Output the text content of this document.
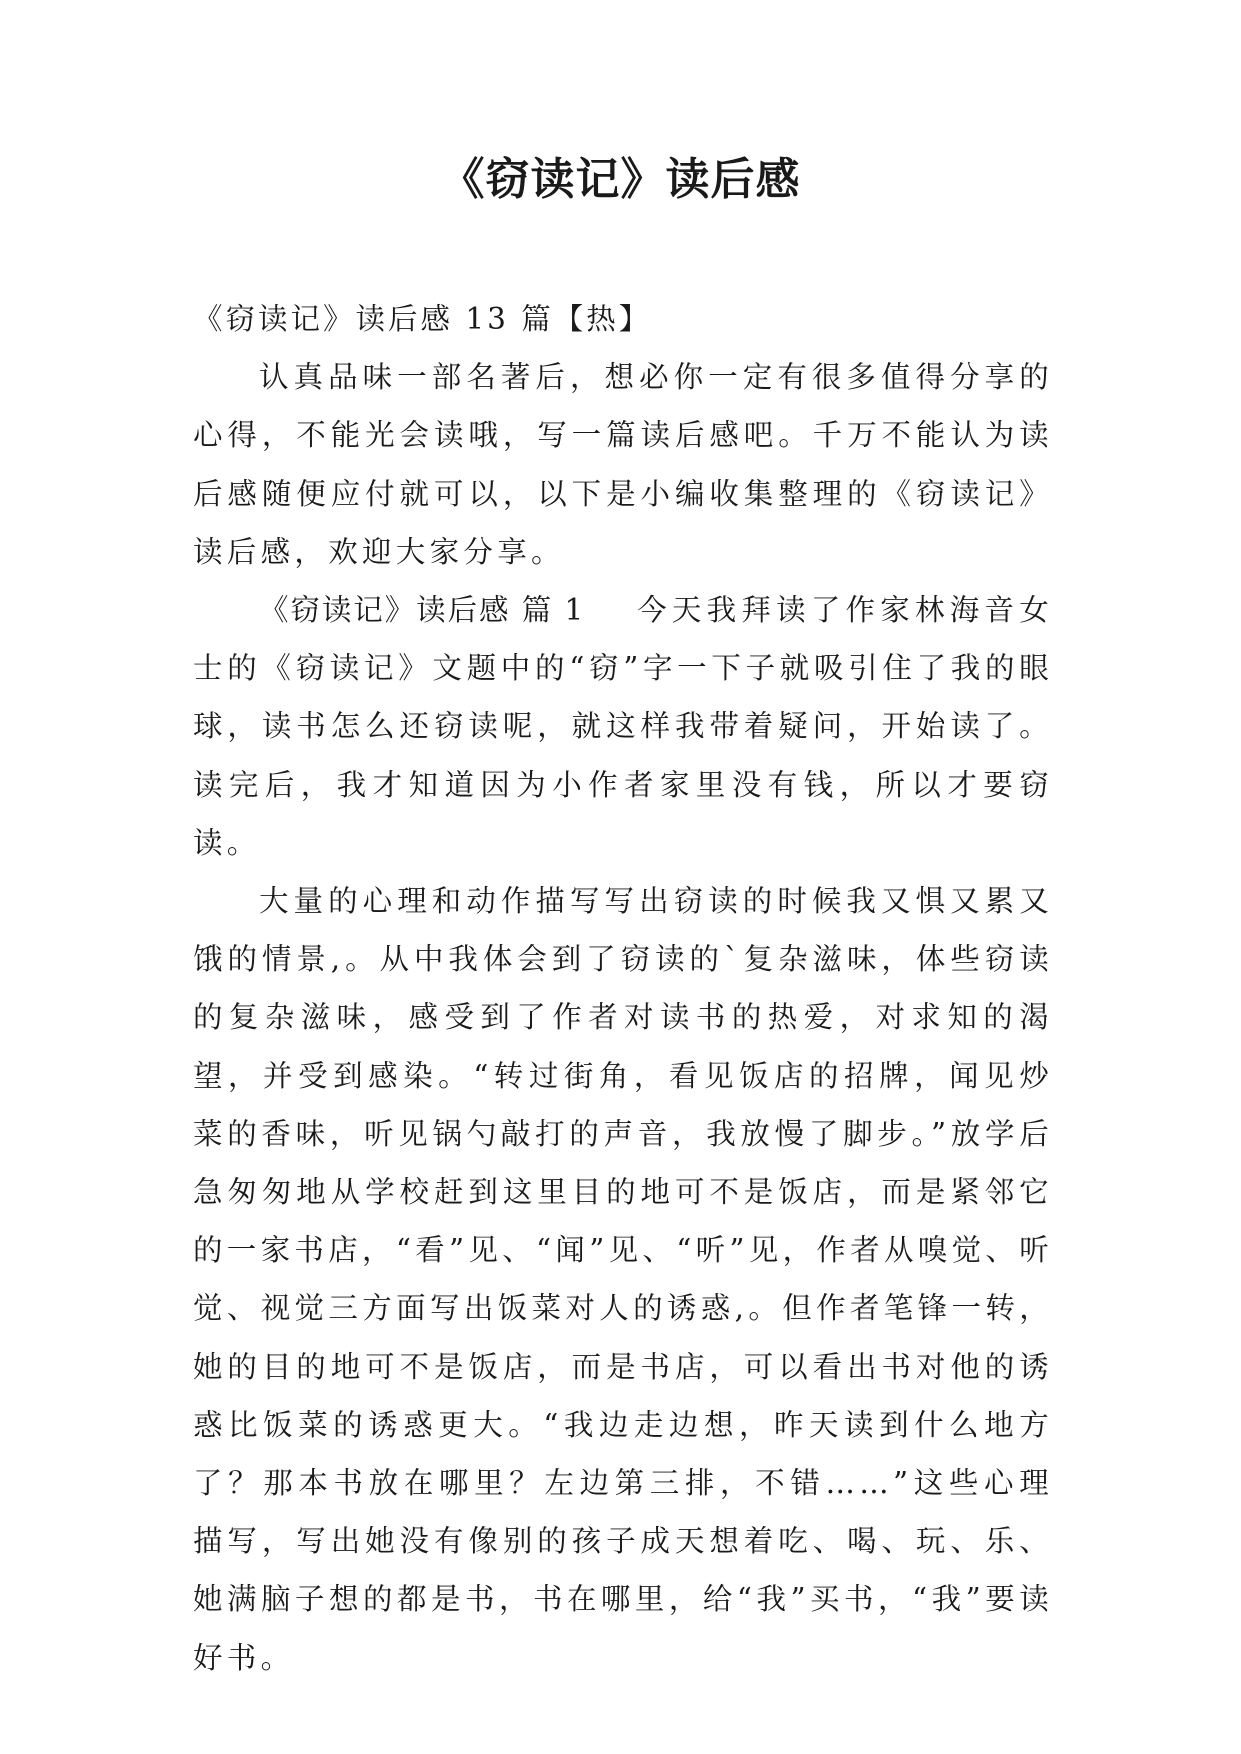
《窃读记》读后感

《窃读记》读后感 13 篇【热】

认真品味一部名著后，想必你一定有很多值得分享的心得，不能光会读哦，写一篇读后感吧。千万不能认为读后感随便应付就可以，以下是小编收集整理的《窃读记》读后感，欢迎大家分享。

《窃读记》读后感 篇 1 今天我拜读了作家林海音女士的《窃读记》文题中的“窃”字一下子就吸引住了我的眼球，读书怎么还窃读呢，就这样我带着疑问，开始读了。读完后，我才知道因为小作者家里没有钱，所以才要窃读。

大量的心理和动作描写写出窃读的时候我又惧又累又饿的情景,。从中我体会到了窃读的`复杂滋味，体些窃读的复杂滋味，感受到了作者对读书的热爱，对求知的渴望，并受到感染。“转过街角，看见饭店的招牌，闻见炒菜的香味，听见锅勺敲打的声音，我放慢了脚步。”放学后急匆匆地从学校赶到这里目的地可不是饭店，而是紧邻它的一家书店，“看”见、“闻”见、“听”见，作者从嗅觉、听觉、视觉三方面写出饭菜对人的诱惑,。但作者笔锋一转，她的目的地可不是饭店，而是书店，可以看出书对他的诱惑比饭菜的诱惑更大。“我边走边想，昨天读到什么地方了？那本书放在哪里？左边第三排，不错……”这些心理描写，写出她没有像别的孩子成天想着吃、喝、玩、乐、她满脑子想的都是书，书在哪里，给“我”买书，“我”要读好书。
